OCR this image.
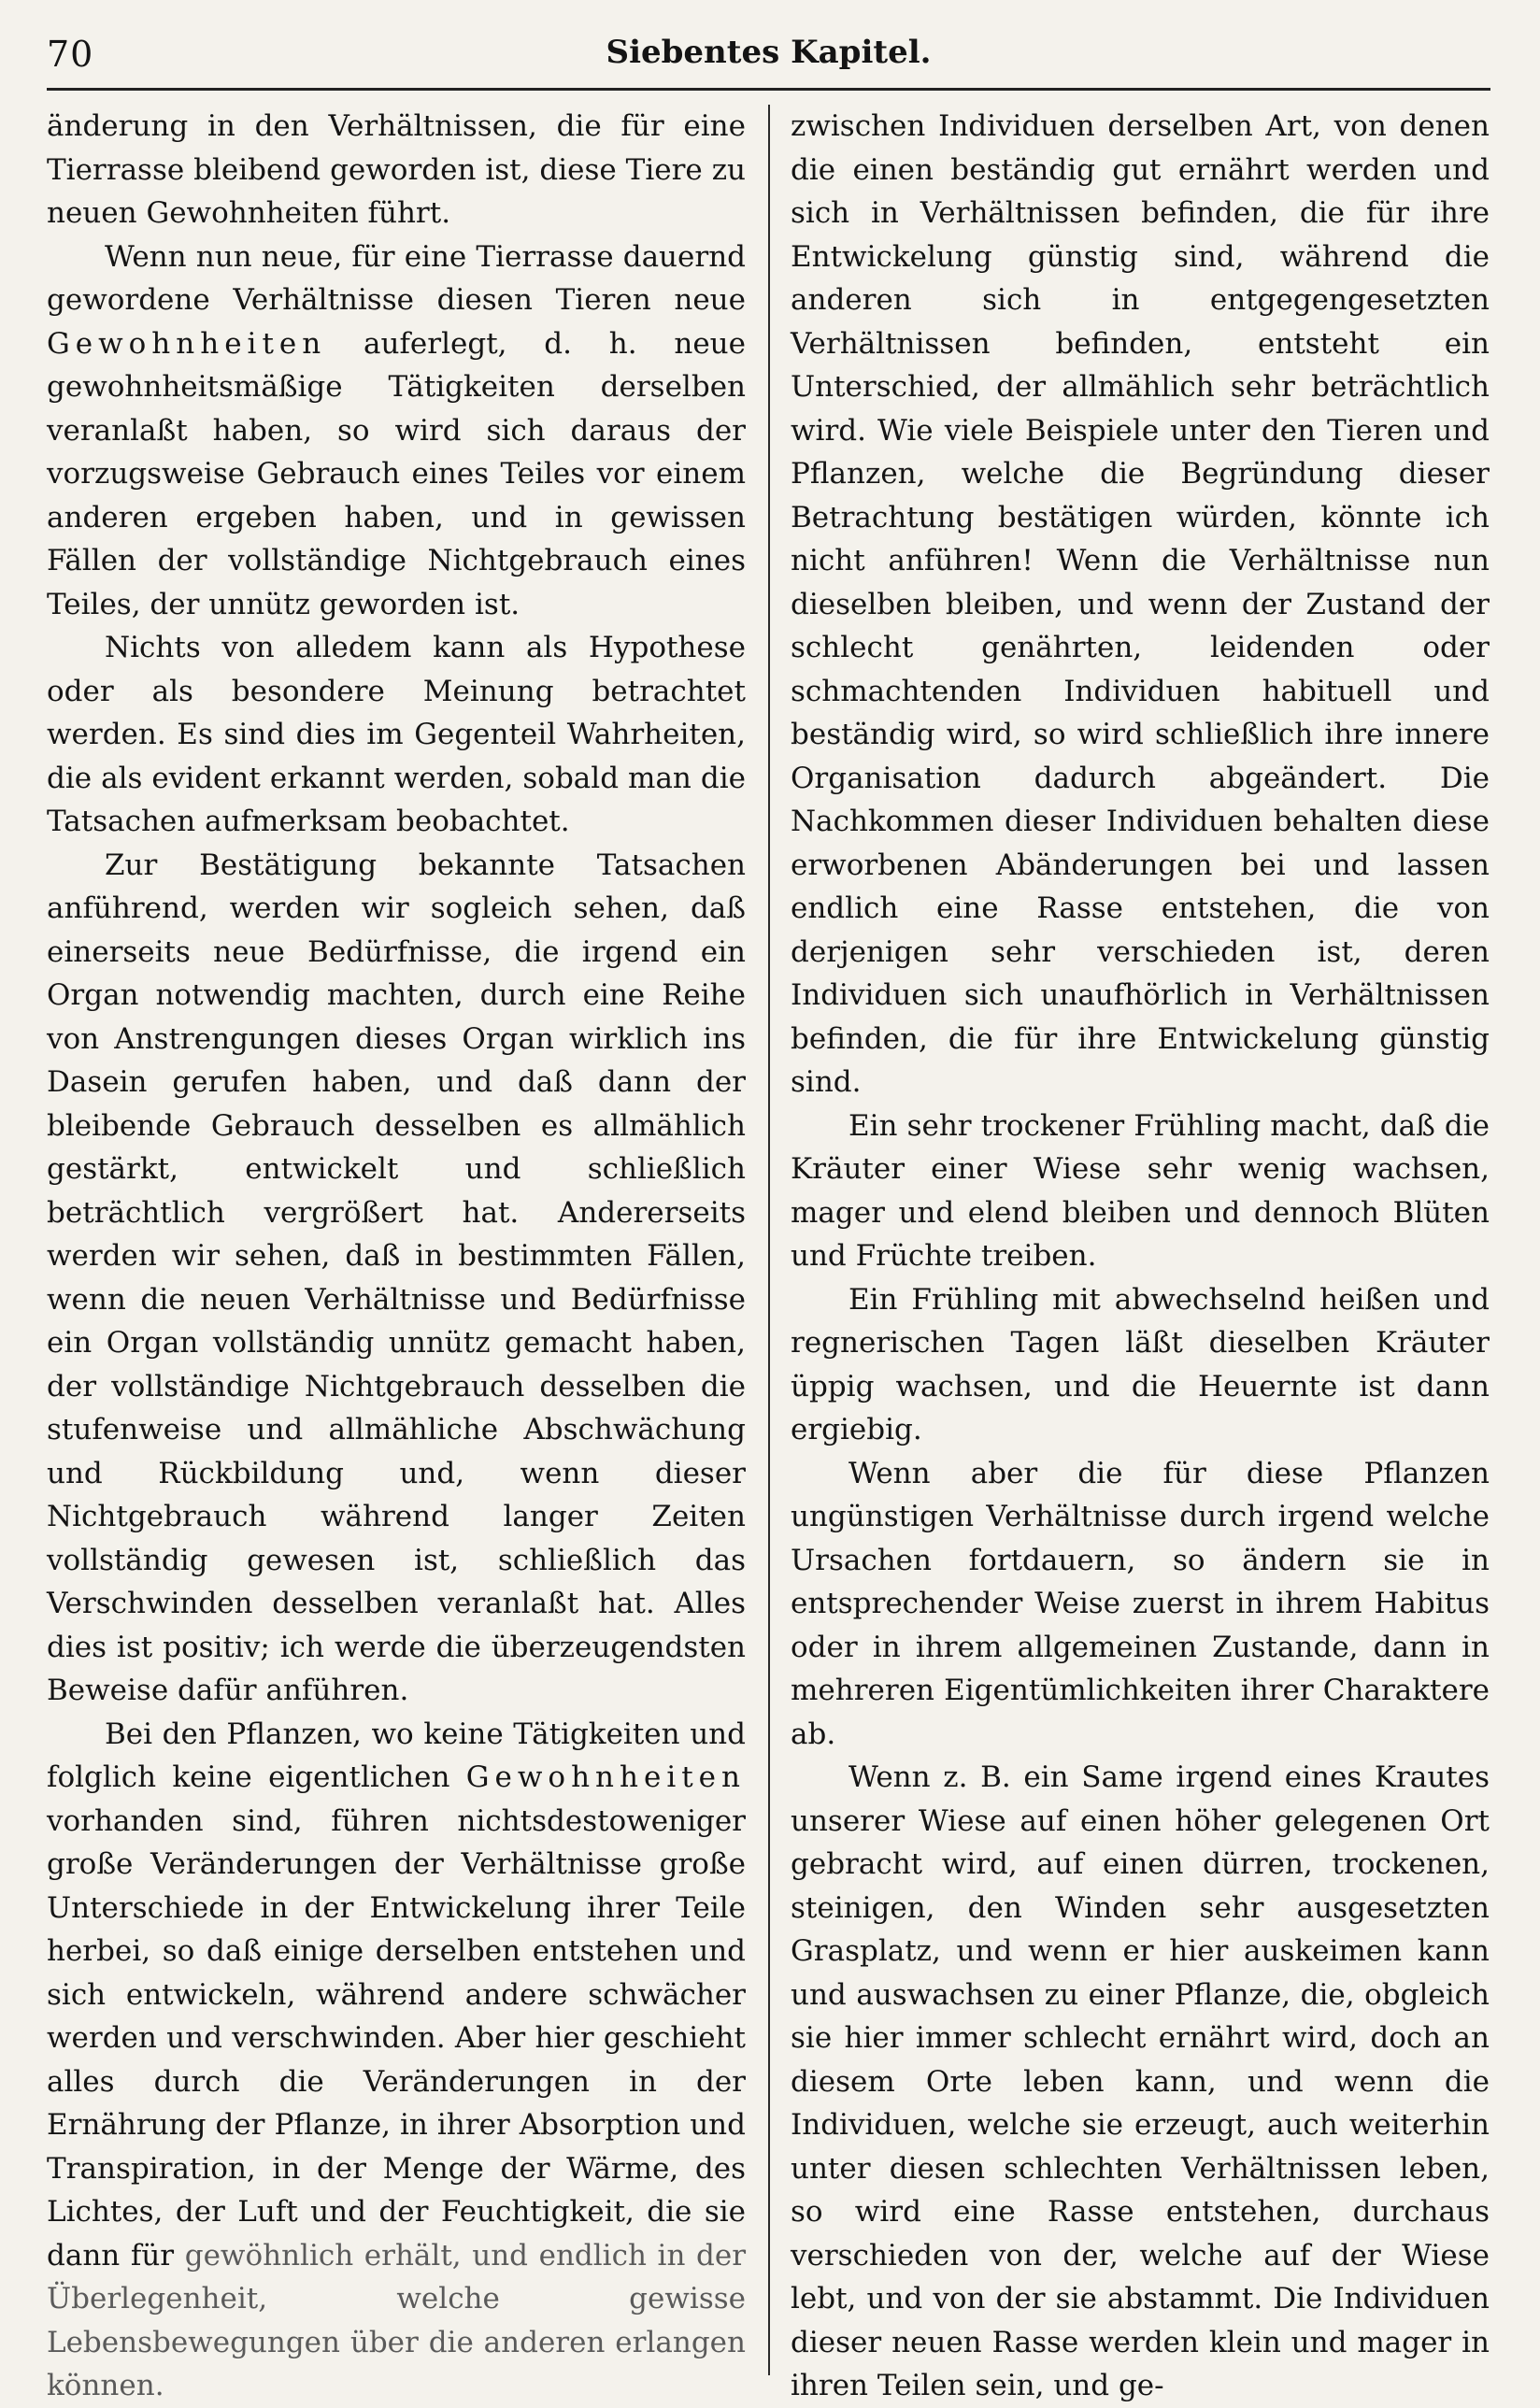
70	Siebentes Kapitel.

änderung in den Verhältnissen, die für eine Tierrasse bleibend geworden ist, diese Tiere zu neuen Gewohnheiten führt.

Wenn nun neue, für eine Tierrasse dauernd gewordene Verhältnisse diesen Tieren neue Gewohnheiten auferlegt, d. h. neue gewohnheitsmäßige Tätigkeiten derselben veranlaßt haben, so wird sich daraus der vorzugsweise Gebrauch eines Teiles vor einem anderen ergeben haben, und in gewissen Fällen der vollständige Nichtgebrauch eines Teiles, der unnütz geworden ist.

Nichts von alledem kann als Hypothese oder als besondere Meinung betrachtet werden. Es sind dies im Gegenteil Wahrheiten, die als evident erkannt werden, sobald man die Tatsachen aufmerksam beobachtet.

Zur Bestätigung bekannte Tatsachen anführend, werden wir sogleich sehen, daß einerseits neue Bedürfnisse, die irgend ein Organ notwendig machten, durch eine Reihe von Anstrengungen dieses Organ wirklich ins Dasein gerufen haben, und daß dann der bleibende Gebrauch desselben es allmählich gestärkt, entwickelt und schließlich beträchtlich vergrößert hat. Andererseits werden wir sehen, daß in bestimmten Fällen, wenn die neuen Verhältnisse und Bedürfnisse ein Organ vollständig unnütz gemacht haben, der vollständige Nichtgebrauch desselben die stufenweise und allmähliche Abschwächung und Rückbildung und, wenn dieser Nichtgebrauch während langer Zeiten vollständig gewesen ist, schließlich das Verschwinden desselben veranlaßt hat. Alles dies ist positiv; ich werde die überzeugendsten Beweise dafür anführen.

Bei den Pflanzen, wo keine Tätigkeiten und folglich keine eigentlichen Gewohnheiten vorhanden sind, führen nichtsdestoweniger große Veränderungen der Verhältnisse große Unterschiede in der Entwickelung ihrer Teile herbei, so daß einige derselben entstehen und sich entwickeln, während andere schwächer werden und verschwinden. Aber hier geschieht alles durch die Veränderungen in der Ernährung der Pflanze, in ihrer Absorption und Transpiration, in der Menge der Wärme, des Lichtes, der Luft und der Feuchtigkeit, die sie dann für gewöhnlich erhält, und endlich in der Überlegenheit, welche gewisse Lebensbewegungen über die anderen erlangen können.

zwischen Individuen derselben Art, von denen die einen beständig gut ernährt werden und sich in Verhältnissen befinden, die für ihre Entwickelung günstig sind, während die anderen sich in entgegengesetzten Verhältnissen befinden, entsteht ein Unterschied, der allmählich sehr beträchtlich wird. Wie viele Beispiele unter den Tieren und Pflanzen, welche die Begründung dieser Betrachtung bestätigen würden, könnte ich nicht anführen! Wenn die Verhältnisse nun dieselben bleiben, und wenn der Zustand der schlecht genährten, leidenden oder schmachtenden Individuen habituell und beständig wird, so wird schließlich ihre innere Organisation dadurch abgeändert. Die Nachkommen dieser Individuen behalten diese erworbenen Abänderungen bei und lassen endlich eine Rasse entstehen, die von derjenigen sehr verschieden ist, deren Individuen sich unaufhörlich in Verhältnissen befinden, die für ihre Entwickelung günstig sind.

Ein sehr trockener Frühling macht, daß die Kräuter einer Wiese sehr wenig wachsen, mager und elend bleiben und dennoch Blüten und Früchte treiben.

Ein Frühling mit abwechselnd heißen und regnerischen Tagen läßt dieselben Kräuter üppig wachsen, und die Heuernte ist dann ergiebig.

Wenn aber die für diese Pflanzen ungünstigen Verhältnisse durch irgend welche Ursachen fortdauern, so ändern sie in entsprechender Weise zuerst in ihrem Habitus oder in ihrem allgemeinen Zustande, dann in mehreren Eigentümlichkeiten ihrer Charaktere ab.

Wenn z. B. ein Same irgend eines Krautes unserer Wiese auf einen höher gelegenen Ort gebracht wird, auf einen dürren, trockenen, steinigen, den Winden sehr ausgesetzten Grasplatz, und wenn er hier auskeimen kann und auswachsen zu einer Pflanze, die, obgleich sie hier immer schlecht ernährt wird, doch an diesem Orte leben kann, und wenn die Individuen, welche sie erzeugt, auch weiterhin unter diesen schlechten Verhältnissen leben, so wird eine Rasse entstehen, durchaus verschieden von der, welche auf der Wiese lebt, und von der sie abstammt. Die Individuen dieser neuen Rasse werden klein und mager in ihren Teilen sein, und ge-
